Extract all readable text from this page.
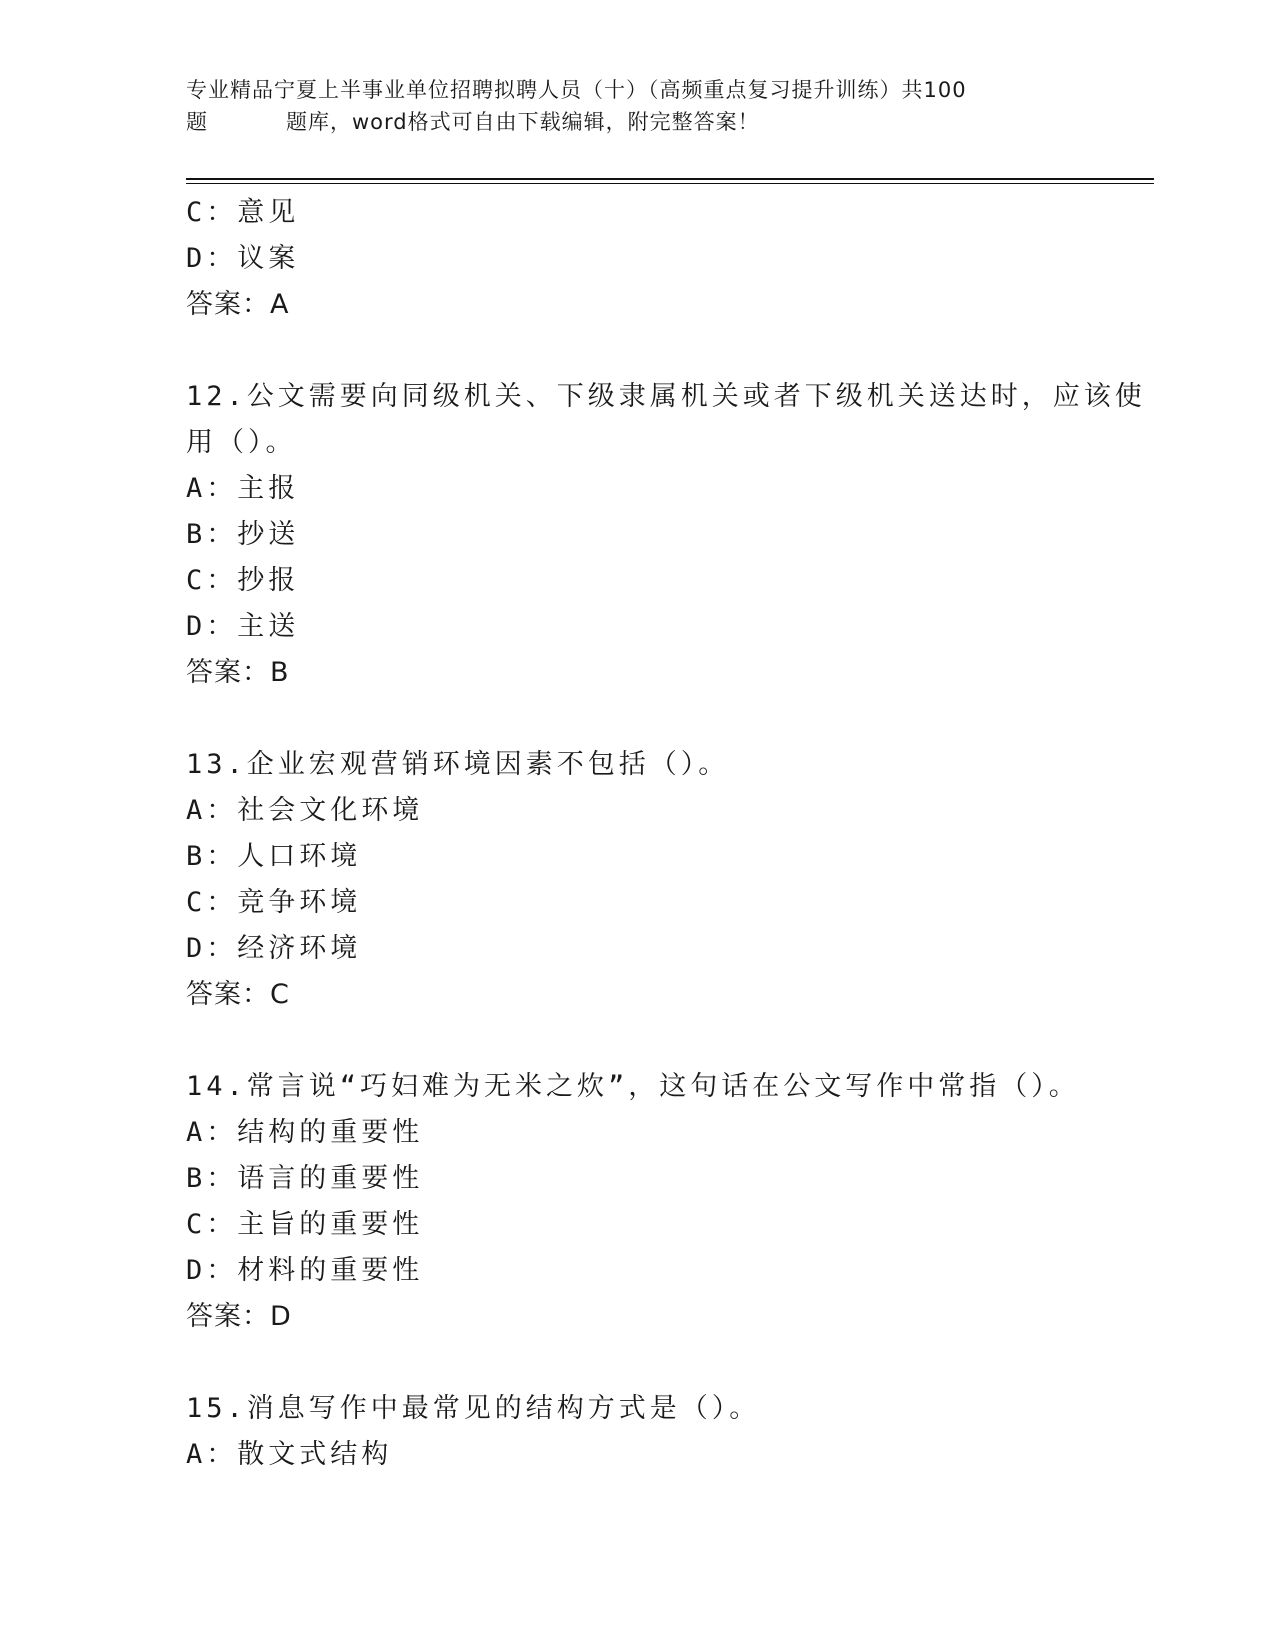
专业精品宁夏上半事业单位招聘拟聘人员（十）（高频重点复习提升训练）共100
题	题库，word格式可自由下载编辑，附完整答案！
C：意见
D：议案
答案：A
12.公文需要向同级机关、下级隶属机关或者下级机关送达时，应该使
用（）。
A：主报
B：抄送
C：抄报
D：主送
答案：B
13.企业宏观营销环境因素不包括（）。
A：社会文化环境
B：人口环境
C：竞争环境
D：经济环境
答案：C
14.常言说“巧妇难为无米之炊”，这句话在公文写作中常指（）。
A：结构的重要性
B：语言的重要性
C：主旨的重要性
D：材料的重要性
答案：D
15.消息写作中最常见的结构方式是（）。
A：散文式结构
